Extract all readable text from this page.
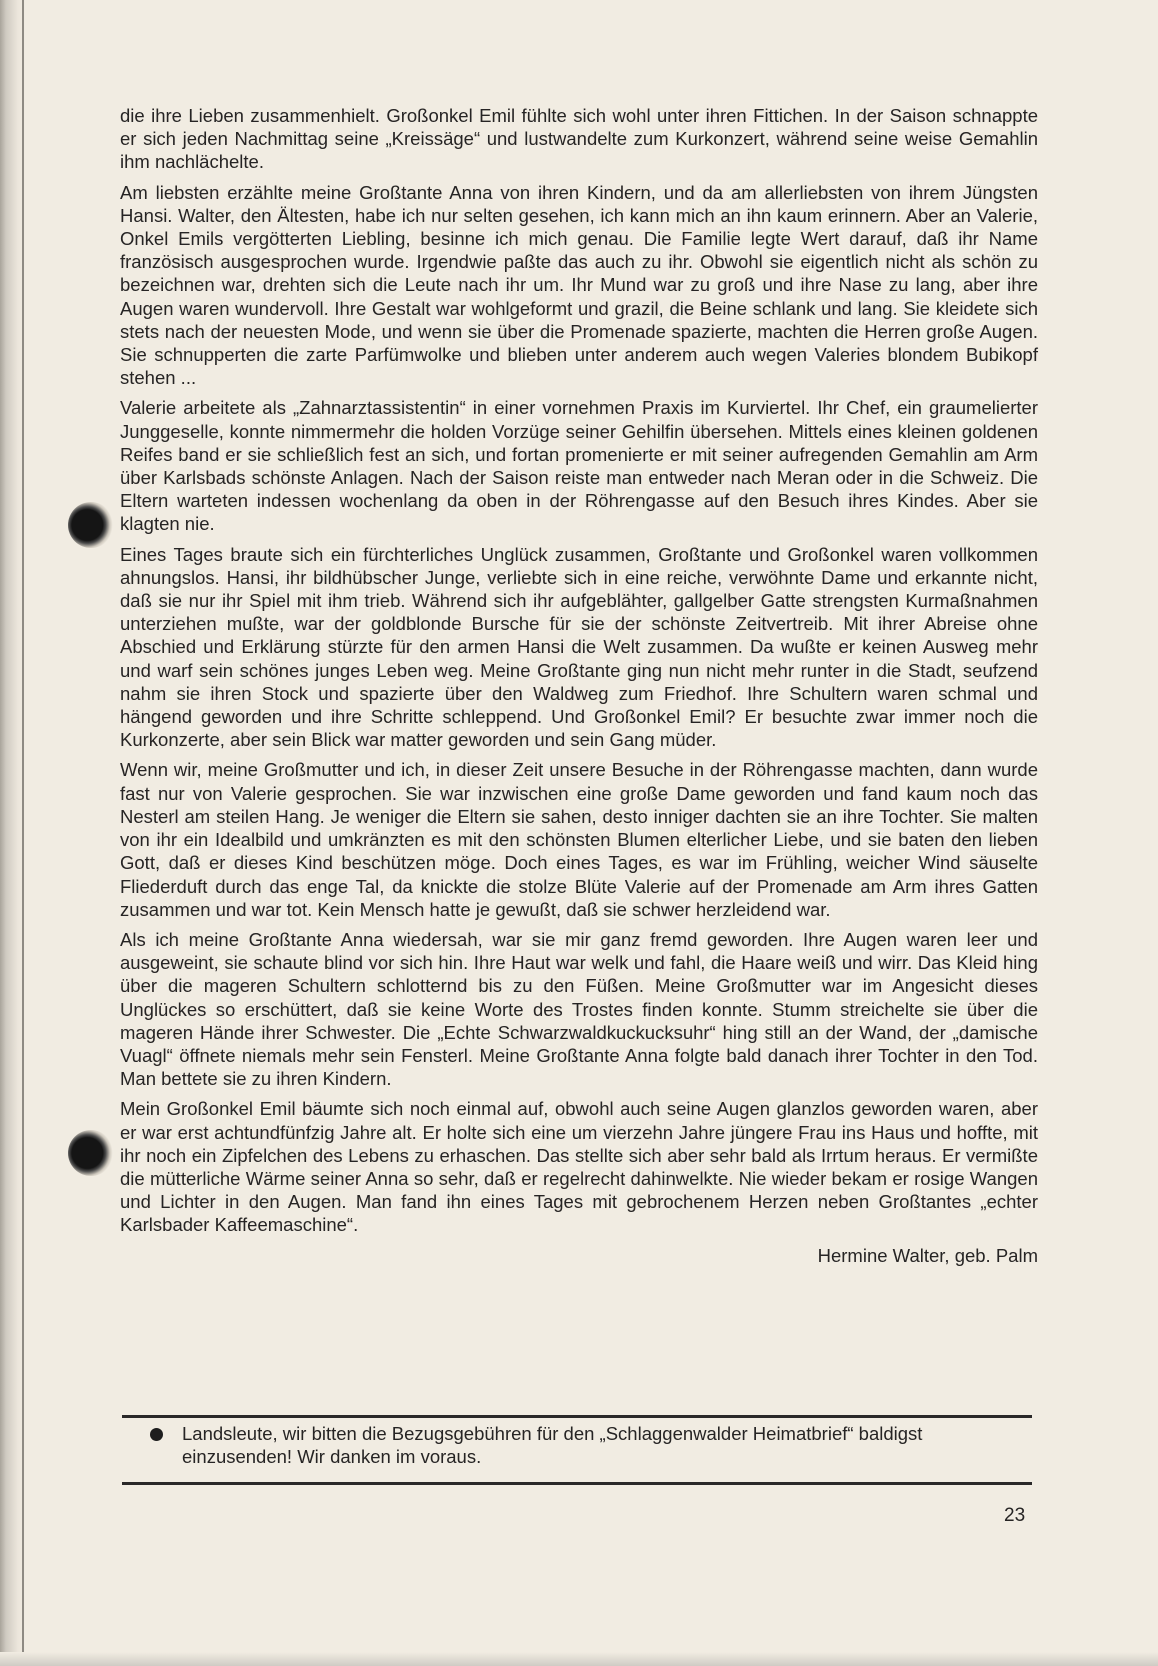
die ihre Lieben zusammenhielt. Großonkel Emil fühlte sich wohl unter ihren Fittichen. In der Saison schnappte er sich jeden Nachmittag seine „Kreissäge“ und lustwandelte zum Kurkonzert, während seine weise Gemahlin ihm nachlächelte.

Am liebsten erzählte meine Großtante Anna von ihren Kindern, und da am allerliebsten von ihrem Jüngsten Hansi. Walter, den Ältesten, habe ich nur selten gesehen, ich kann mich an ihn kaum erinnern. Aber an Valerie, Onkel Emils vergötterten Liebling, besinne ich mich genau. Die Familie legte Wert darauf, daß ihr Name französisch ausgesprochen wurde. Irgendwie paßte das auch zu ihr. Obwohl sie eigentlich nicht als schön zu bezeichnen war, drehten sich die Leute nach ihr um. Ihr Mund war zu groß und ihre Nase zu lang, aber ihre Augen waren wundervoll. Ihre Gestalt war wohlgeformt und grazil, die Beine schlank und lang. Sie kleidete sich stets nach der neuesten Mode, und wenn sie über die Promenade spazierte, machten die Herren große Augen. Sie schnupperten die zarte Parfümwolke und blieben unter anderem auch wegen Valeries blondem Bubikopf stehen ...

Valerie arbeitete als „Zahnarztassistentin“ in einer vornehmen Praxis im Kurviertel. Ihr Chef, ein graumelierter Junggeselle, konnte nimmermehr die holden Vorzüge seiner Gehilfin übersehen. Mittels eines kleinen goldenen Reifes band er sie schließlich fest an sich, und fortan promenierte er mit seiner aufregenden Gemahlin am Arm über Karlsbads schönste Anlagen. Nach der Saison reiste man entweder nach Meran oder in die Schweiz. Die Eltern warteten indessen wochenlang da oben in der Röhrengasse auf den Besuch ihres Kindes. Aber sie klagten nie.

Eines Tages braute sich ein fürchterliches Unglück zusammen, Großtante und Großonkel waren vollkommen ahnungslos. Hansi, ihr bildhübscher Junge, verliebte sich in eine reiche, verwöhnte Dame und erkannte nicht, daß sie nur ihr Spiel mit ihm trieb. Während sich ihr aufgeblähter, gallgelber Gatte strengsten Kurmaßnahmen unterziehen mußte, war der goldblonde Bursche für sie der schönste Zeitvertreib. Mit ihrer Abreise ohne Abschied und Erklärung stürzte für den armen Hansi die Welt zusammen. Da wußte er keinen Ausweg mehr und warf sein schönes junges Leben weg. Meine Großtante ging nun nicht mehr runter in die Stadt, seufzend nahm sie ihren Stock und spazierte über den Waldweg zum Friedhof. Ihre Schultern waren schmal und hängend geworden und ihre Schritte schleppend. Und Großonkel Emil? Er besuchte zwar immer noch die Kurkonzerte, aber sein Blick war matter geworden und sein Gang müder.

Wenn wir, meine Großmutter und ich, in dieser Zeit unsere Besuche in der Röhrengasse machten, dann wurde fast nur von Valerie gesprochen. Sie war inzwischen eine große Dame geworden und fand kaum noch das Nesterl am steilen Hang. Je weniger die Eltern sie sahen, desto inniger dachten sie an ihre Tochter. Sie malten von ihr ein Idealbild und umkränzten es mit den schönsten Blumen elterlicher Liebe, und sie baten den lieben Gott, daß er dieses Kind beschützen möge. Doch eines Tages, es war im Frühling, weicher Wind säuselte Fliederduft durch das enge Tal, da knickte die stolze Blüte Valerie auf der Promenade am Arm ihres Gatten zusammen und war tot. Kein Mensch hatte je gewußt, daß sie schwer herzleidend war.

Als ich meine Großtante Anna wiedersah, war sie mir ganz fremd geworden. Ihre Augen waren leer und ausgeweint, sie schaute blind vor sich hin. Ihre Haut war welk und fahl, die Haare weiß und wirr. Das Kleid hing über die mageren Schultern schlotternd bis zu den Füßen. Meine Großmutter war im Angesicht dieses Unglückes so erschüttert, daß sie keine Worte des Trostes finden konnte. Stumm streichelte sie über die mageren Hände ihrer Schwester. Die „Echte Schwarzwaldkuckucksuhr“ hing still an der Wand, der „damische Vuagl“ öffnete niemals mehr sein Fensterl. Meine Großtante Anna folgte bald danach ihrer Tochter in den Tod. Man bettete sie zu ihren Kindern.

Mein Großonkel Emil bäumte sich noch einmal auf, obwohl auch seine Augen glanzlos geworden waren, aber er war erst achtundfünfzig Jahre alt. Er holte sich eine um vierzehn Jahre jüngere Frau ins Haus und hoffte, mit ihr noch ein Zipfelchen des Lebens zu erhaschen. Das stellte sich aber sehr bald als Irrtum heraus. Er vermißte die mütterliche Wärme seiner Anna so sehr, daß er regelrecht dahinwelkte. Nie wieder bekam er rosige Wangen und Lichter in den Augen. Man fand ihn eines Tages mit gebrochenem Herzen neben Großtantes „echter Karlsbader Kaffeemaschine“.

Hermine Walter, geb. Palm
Landsleute, wir bitten die Bezugsgebühren für den „Schlaggenwalder Heimatbrief“ baldigst einzusenden! Wir danken im voraus.
23
